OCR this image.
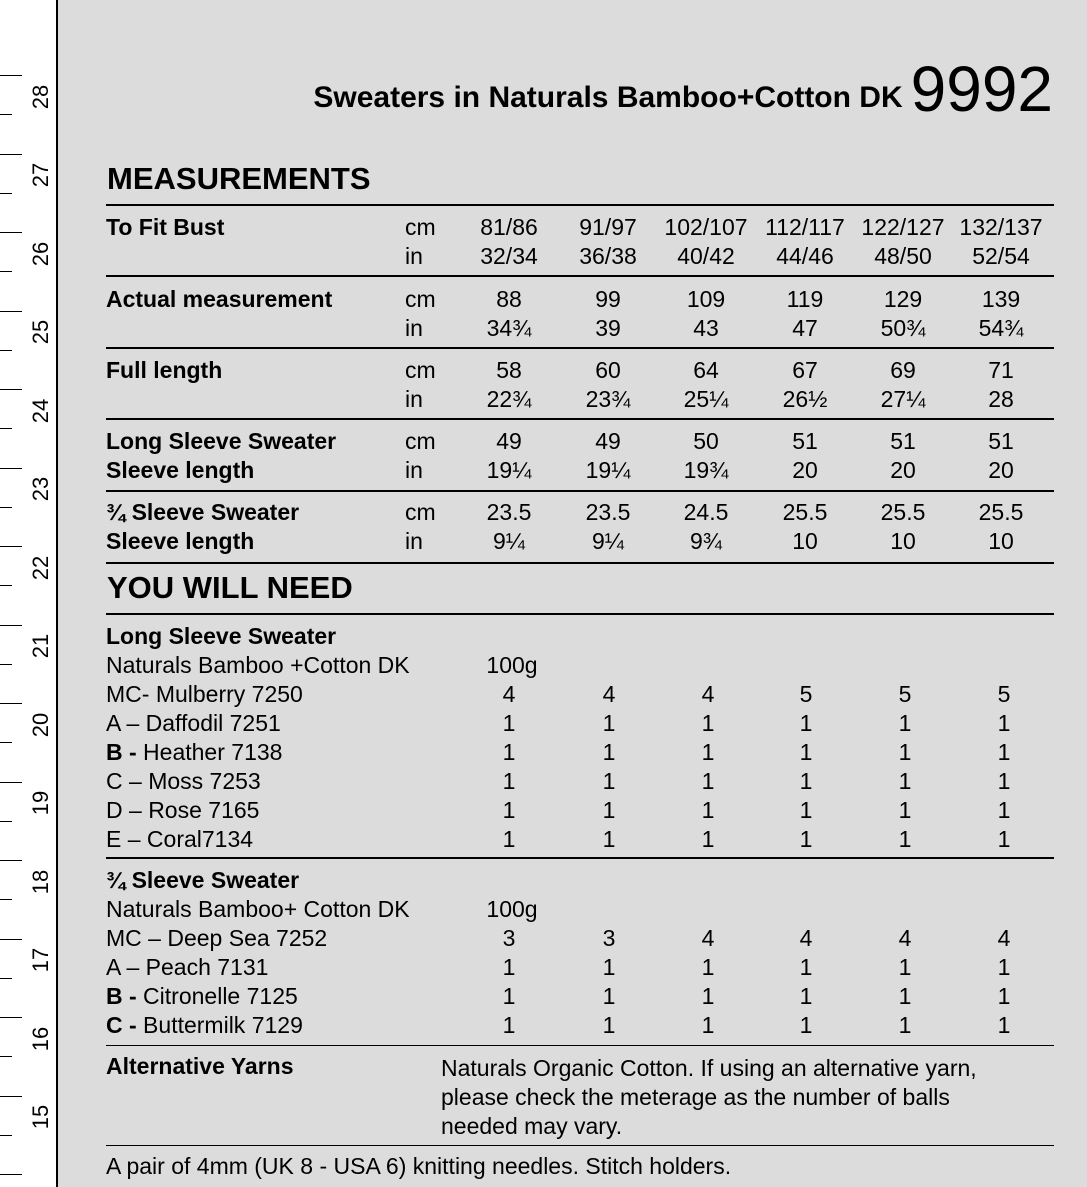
28
27
26
25
24
23
22
21
20
19
18
17
16
15
Sweaters in Naturals Bamboo+Cotton DK 9992
MEASUREMENTS
To Fit Bust	cm	81/86	91/97	102/107 112/117 122/127 132/137
in	32/34	36/38	40/42	44/46	48/50	52/54
Actual measurement	cm	88	99	109	119	129	139
in	34¾	39	43	47	50¾	54¾
Full length	cm	58	60	64	67	69	71
in	22¾	23¾	25¼	26½	27¼	28
Long Sleeve Sweater	cm	49	49	50	51	51	51
Sleeve length	in	19¼	19¼	19¾	20	20	20
¾ Sleeve Sweater	cm	23.5	23.5	24.5	25.5	25.5	25.5
Sleeve length	in	9¼	9¼	9¾	10	10	10
YOU WILL NEED
Long Sleeve Sweater
Naturals Bamboo +Cotton DK	100g
MC- Mulberry 7250	4	4	4	5	5	5
A – Daffodil 7251	1	1	1	1	1	1
B - Heather 7138	1	1	1	1	1	1
C – Moss 7253	1	1	1	1	1	1
D – Rose 7165	1	1	1	1	1	1
E – Coral7134	1	1	1	1	1	1
¾ Sleeve Sweater
Naturals Bamboo+ Cotton DK	100g
MC – Deep Sea 7252	3	3	4	4	4	4
A – Peach 7131	1	1	1	1	1	1
B - Citronelle 7125	1	1	1	1	1	1
C - Buttermilk 7129	1	1	1	1	1	1
Alternative Yarns	Naturals Organic Cotton. If using an alternative yarn,
please check the meterage as the number of balls
needed may vary.
A pair of 4mm (UK 8 - USA 6) knitting needles. Stitch holders.
